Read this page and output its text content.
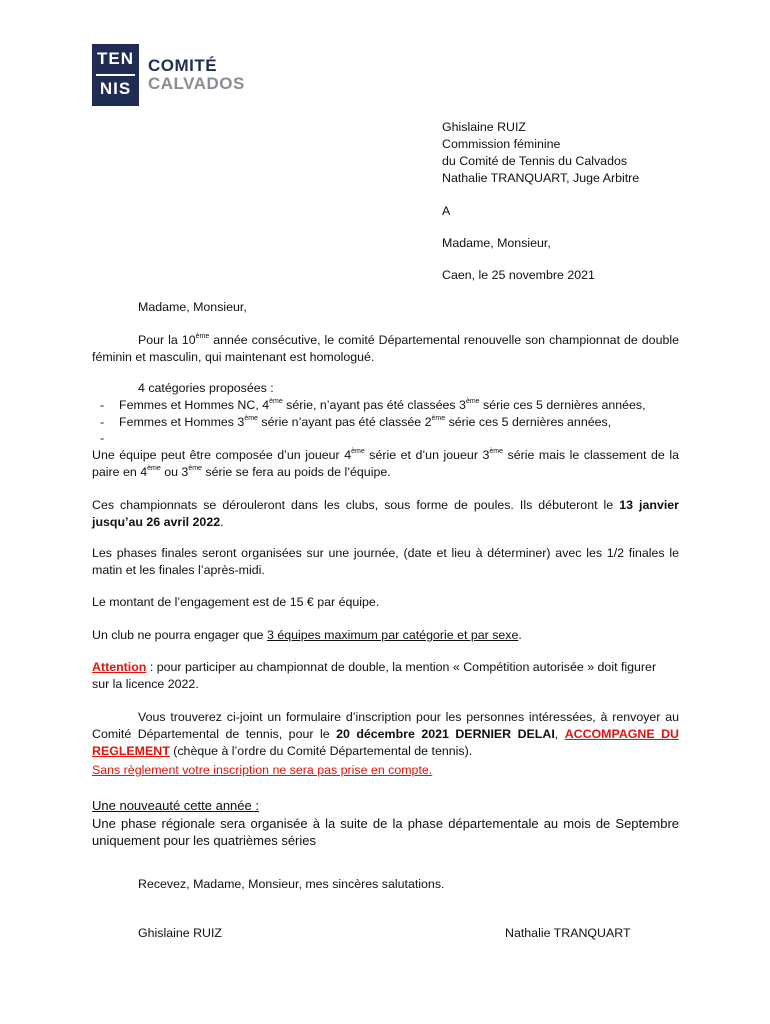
TEN
NIS
COMITÉ
CALVADOS
Ghislaine RUIZ
Commission féminine
du Comité de Tennis du Calvados
Nathalie TRANQUART, Juge Arbitre
A
Madame, Monsieur,
Caen, le 25 novembre 2021
Madame, Monsieur,
Pour la 10ème année consécutive, le comité Départemental renouvelle son championnat de double féminin et masculin, qui maintenant est homologué.
4 catégories proposées :
- Femmes et Hommes NC, 4ème série, n’ayant pas été classées 3ème série ces 5 dernières années,
- Femmes et Hommes 3ème série n’ayant pas été classée 2ème série ces 5 dernières années,
-
Une équipe peut être composée d’un joueur 4ème série et d’un joueur 3ème série mais le classement de la paire en 4ème ou 3ème série se fera au poids de l’équipe.
Ces championnats se dérouleront dans les clubs, sous forme de poules. Ils débuteront le 13 janvier jusqu’au 26 avril 2022.
Les phases finales seront organisées sur une journée, (date et lieu à déterminer) avec les 1/2 finales le matin et les finales l’après-midi.
Le montant de l’engagement est de 15 € par équipe.
Un club ne pourra engager que 3 équipes maximum par catégorie et par sexe.
Attention : pour participer au championnat de double, la mention « Compétition autorisée » doit figurer sur la licence 2022.
Vous trouverez ci-joint un formulaire d’inscription pour les personnes intéressées, à renvoyer au Comité Départemental de tennis, pour le 20 décembre 2021 DERNIER DELAI, ACCOMPAGNE DU REGLEMENT (chèque à l’ordre du Comité Départemental de tennis).
Sans règlement votre inscription ne sera pas prise en compte.
Une nouveauté cette année :
Une phase régionale sera organisée à la suite de la phase départementale au mois de Septembre uniquement pour les quatrièmes séries
Recevez, Madame, Monsieur, mes sincères salutations.
Ghislaine RUIZ	Nathalie TRANQUART
